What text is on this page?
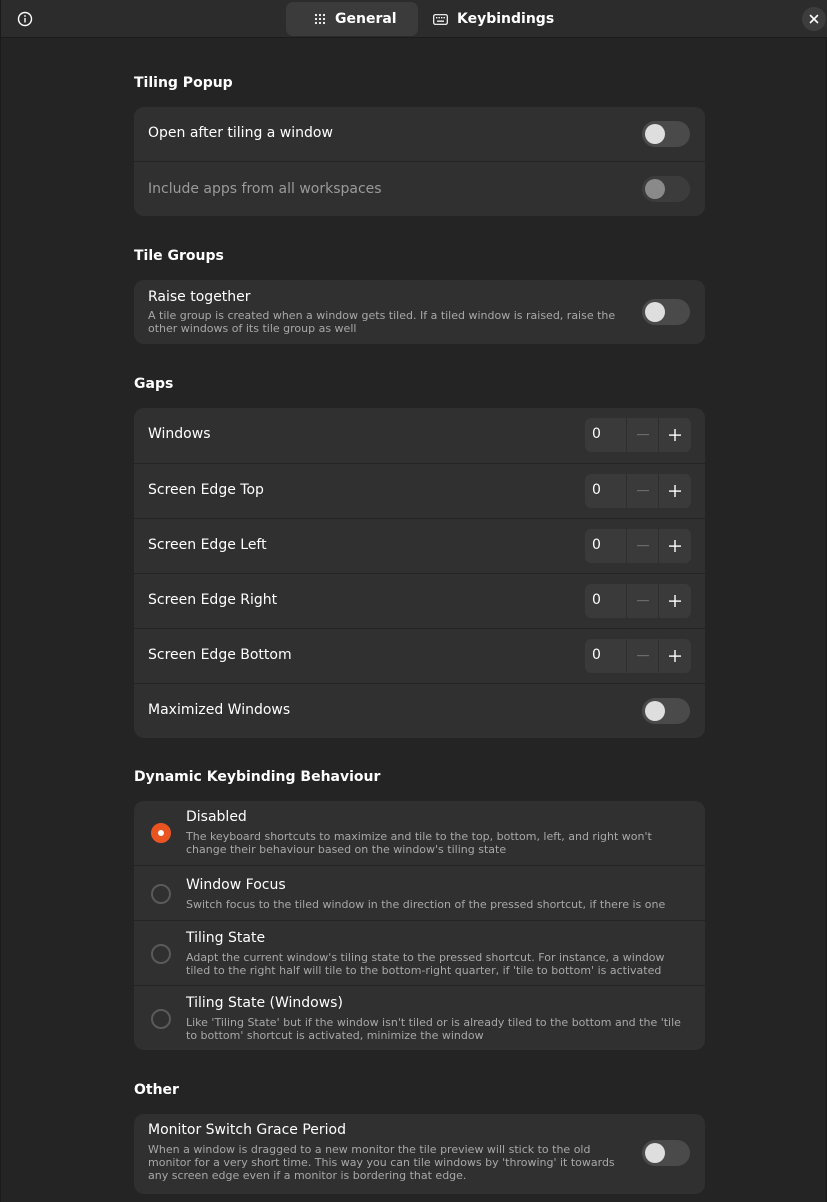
General	Keybindings
Tiling Popup
Open after tiling a window
Include apps from all workspaces
Tile Groups
Raise together
A tile group is created when a window gets tiled. If a tiled window is raised, raise the
other windows of its tile group as well
Gaps
Windows	0
Screen Edge Top	0
Screen Edge Left	0
Screen Edge Right	0
Screen Edge Bottom	0
Maximized Windows
Dynamic Keybinding Behaviour
Disabled
The keyboard shortcuts to maximize and tile to the top, bottom, left, and right won't
change their behaviour based on the window's tiling state
Window Focus
Switch focus to the tiled window in the direction of the pressed shortcut, if there is one
Tiling State
Adapt the current window's tiling state to the pressed shortcut. For instance, a window
tiled to the right half will tile to the bottom-right quarter, if 'tile to bottom' is activated
Tiling State (Windows)
Like 'Tiling State' but if the window isn't tiled or is already tiled to the bottom and the 'tile
to bottom' shortcut is activated, minimize the window
Other
Monitor Switch Grace Period
When a window is dragged to a new monitor the tile preview will stick to the old
monitor for a very short time. This way you can tile windows by 'throwing' it towards
any screen edge even if a monitor is bordering that edge.
